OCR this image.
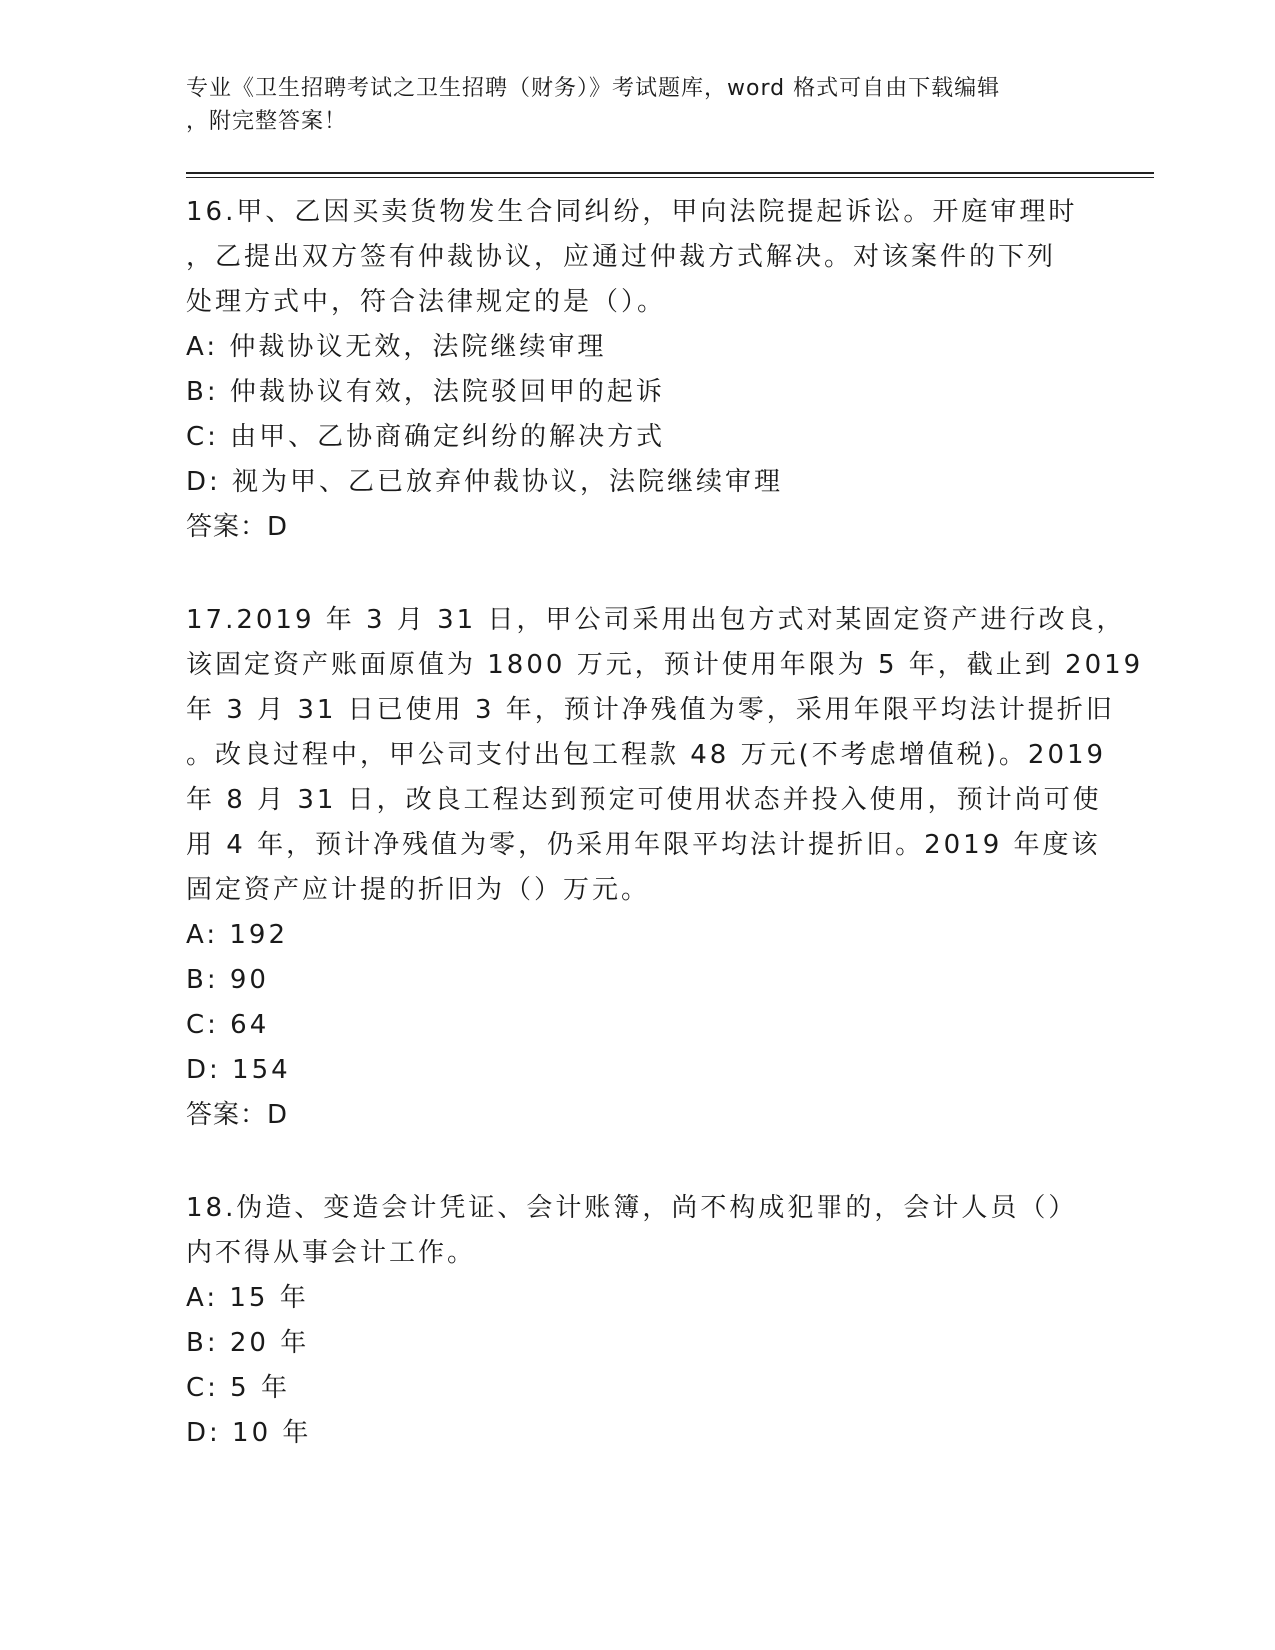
专业《卫生招聘考试之卫生招聘（财务）》考试题库，word 格式可自由下载编辑
，附完整答案！

16.甲、乙因买卖货物发生合同纠纷，甲向法院提起诉讼。开庭审理时
，乙提出双方签有仲裁协议，应通过仲裁方式解决。对该案件的下列
处理方式中，符合法律规定的是（）。
A: 仲裁协议无效，法院继续审理
B: 仲裁协议有效，法院驳回甲的起诉
C: 由甲、乙协商确定纠纷的解决方式
D: 视为甲、乙已放弃仲裁协议，法院继续审理
答案：D
17.2019 年 3 月 31 日，甲公司采用出包方式对某固定资产进行改良，
该固定资产账面原值为 1800 万元，预计使用年限为 5 年，截止到 2019
年 3 月 31 日已使用 3 年，预计净残值为零，采用年限平均法计提折旧
。改良过程中，甲公司支付出包工程款 48 万元(不考虑增值税)。2019
年 8 月 31 日，改良工程达到预定可使用状态并投入使用，预计尚可使
用 4 年，预计净残值为零，仍采用年限平均法计提折旧。2019 年度该
固定资产应计提的折旧为（）万元。
A: 192
B: 90
C: 64
D: 154
答案：D
18.伪造、变造会计凭证、会计账簿，尚不构成犯罪的，会计人员（）
内不得从事会计工作。
A: 15 年
B: 20 年
C: 5 年
D: 10 年
